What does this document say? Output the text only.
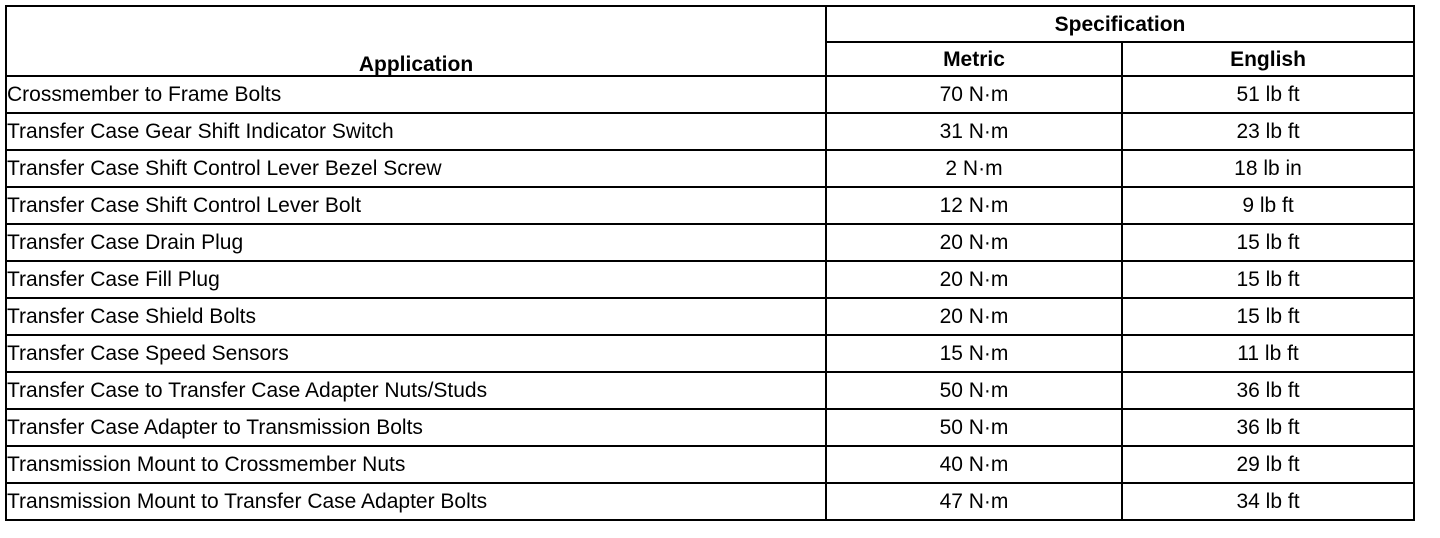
Application	Specification	
	Metric	English
Crossmember to Frame Bolts	70 N·m	51 lb ft
Transfer Case Gear Shift Indicator Switch	31 N·m	23 lb ft
Transfer Case Shift Control Lever Bezel Screw	2 N·m	18 lb in
Transfer Case Shift Control Lever Bolt	12 N·m	9 lb ft
Transfer Case Drain Plug	20 N·m	15 lb ft
Transfer Case Fill Plug	20 N·m	15 lb ft
Transfer Case Shield Bolts	20 N·m	15 lb ft
Transfer Case Speed Sensors	15 N·m	11 lb ft
Transfer Case to Transfer Case Adapter Nuts/Studs	50 N·m	36 lb ft
Transfer Case Adapter to Transmission Bolts	50 N·m	36 lb ft
Transmission Mount to Crossmember Nuts	40 N·m	29 lb ft
Transmission Mount to Transfer Case Adapter Bolts	47 N·m	34 lb ft
